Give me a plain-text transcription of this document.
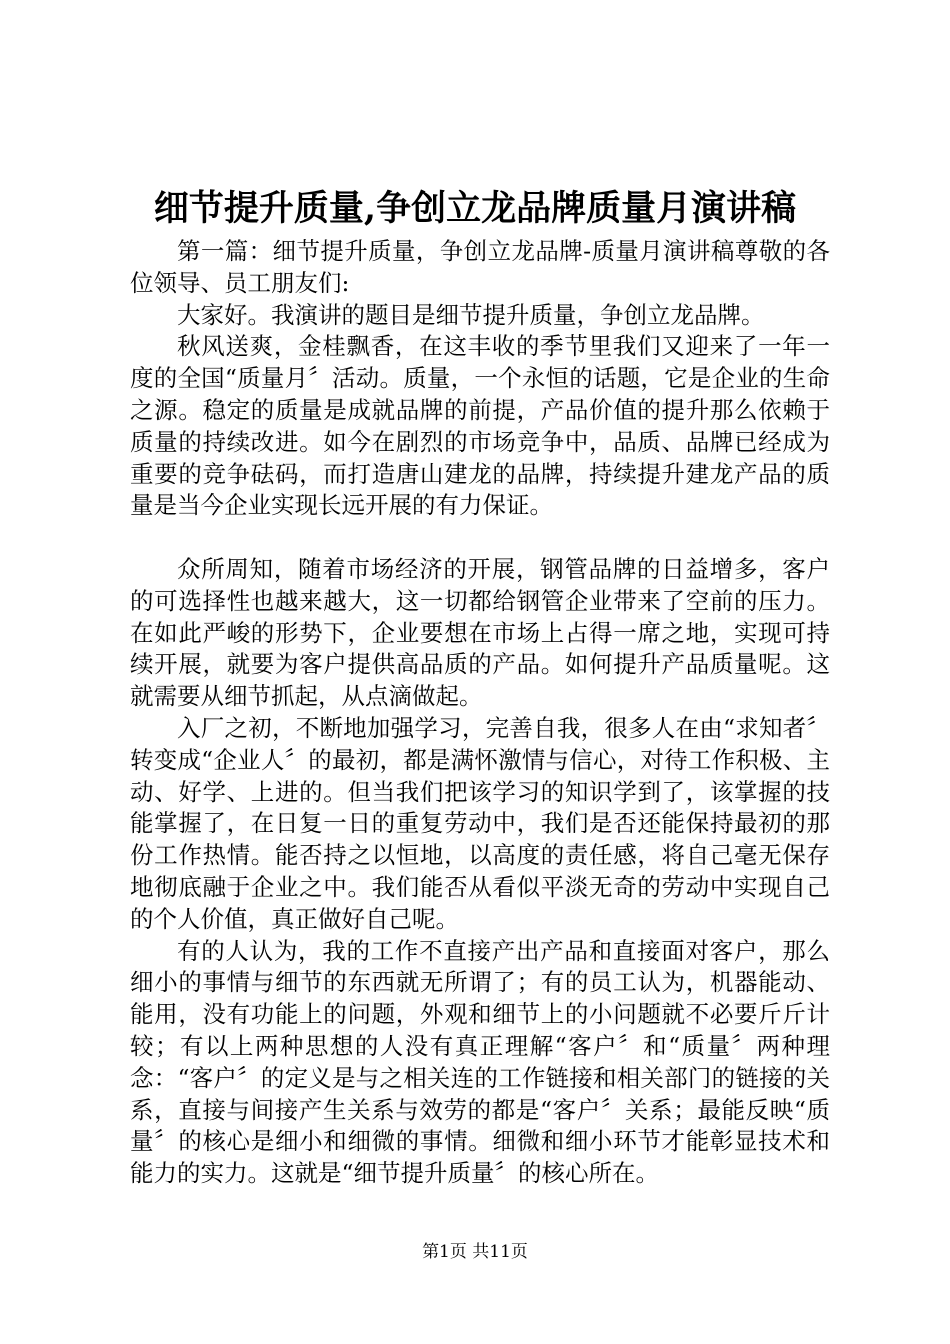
细节提升质量,争创立龙品牌质量月演讲稿

第一篇：细节提升质量，争创立龙品牌-质量月演讲稿尊敬的各位领导、员工朋友们:

大家好。我演讲的题目是细节提升质量，争创立龙品牌。

秋风送爽，金桂飘香，在这丰收的季节里我们又迎来了一年一度的全国“质量月〞活动。质量，一个永恒的话题，它是企业的生命之源。稳定的质量是成就品牌的前提，产品价值的提升那么依赖于质量的持续改进。如今在剧烈的市场竞争中，品质、品牌已经成为重要的竞争砝码，而打造唐山建龙的品牌，持续提升建龙产品的质量是当今企业实现长远开展的有力保证。

众所周知，随着市场经济的开展，钢管品牌的日益增多，客户的可选择性也越来越大，这一切都给钢管企业带来了空前的压力。在如此严峻的形势下，企业要想在市场上占得一席之地，实现可持续开展，就要为客户提供高品质的产品。如何提升产品质量呢。这就需要从细节抓起，从点滴做起。

入厂之初，不断地加强学习，完善自我，很多人在由“求知者〞转变成“企业人〞的最初，都是满怀激情与信心，对待工作积极、主动、好学、上进的。但当我们把该学习的知识学到了，该掌握的技能掌握了，在日复一日的重复劳动中，我们是否还能保持最初的那份工作热情。能否持之以恒地，以高度的责任感，将自己毫无保存地彻底融于企业之中。我们能否从看似平淡无奇的劳动中实现自己的个人价值，真正做好自己呢。

有的人认为，我的工作不直接产出产品和直接面对客户，那么细小的事情与细节的东西就无所谓了；有的员工认为，机器能动、能用，没有功能上的问题，外观和细节上的小问题就不必要斤斤计较；有以上两种思想的人没有真正理解“客户〞和“质量〞两种理念：“客户〞的定义是与之相关连的工作链接和相关部门的链接的关系，直接与间接产生关系与效劳的都是“客户〞关系；最能反映“质量〞的核心是细小和细微的事情。细微和细小环节才能彰显技术和能力的实力。这就是“细节提升质量〞的核心所在。

第1页 共11页
